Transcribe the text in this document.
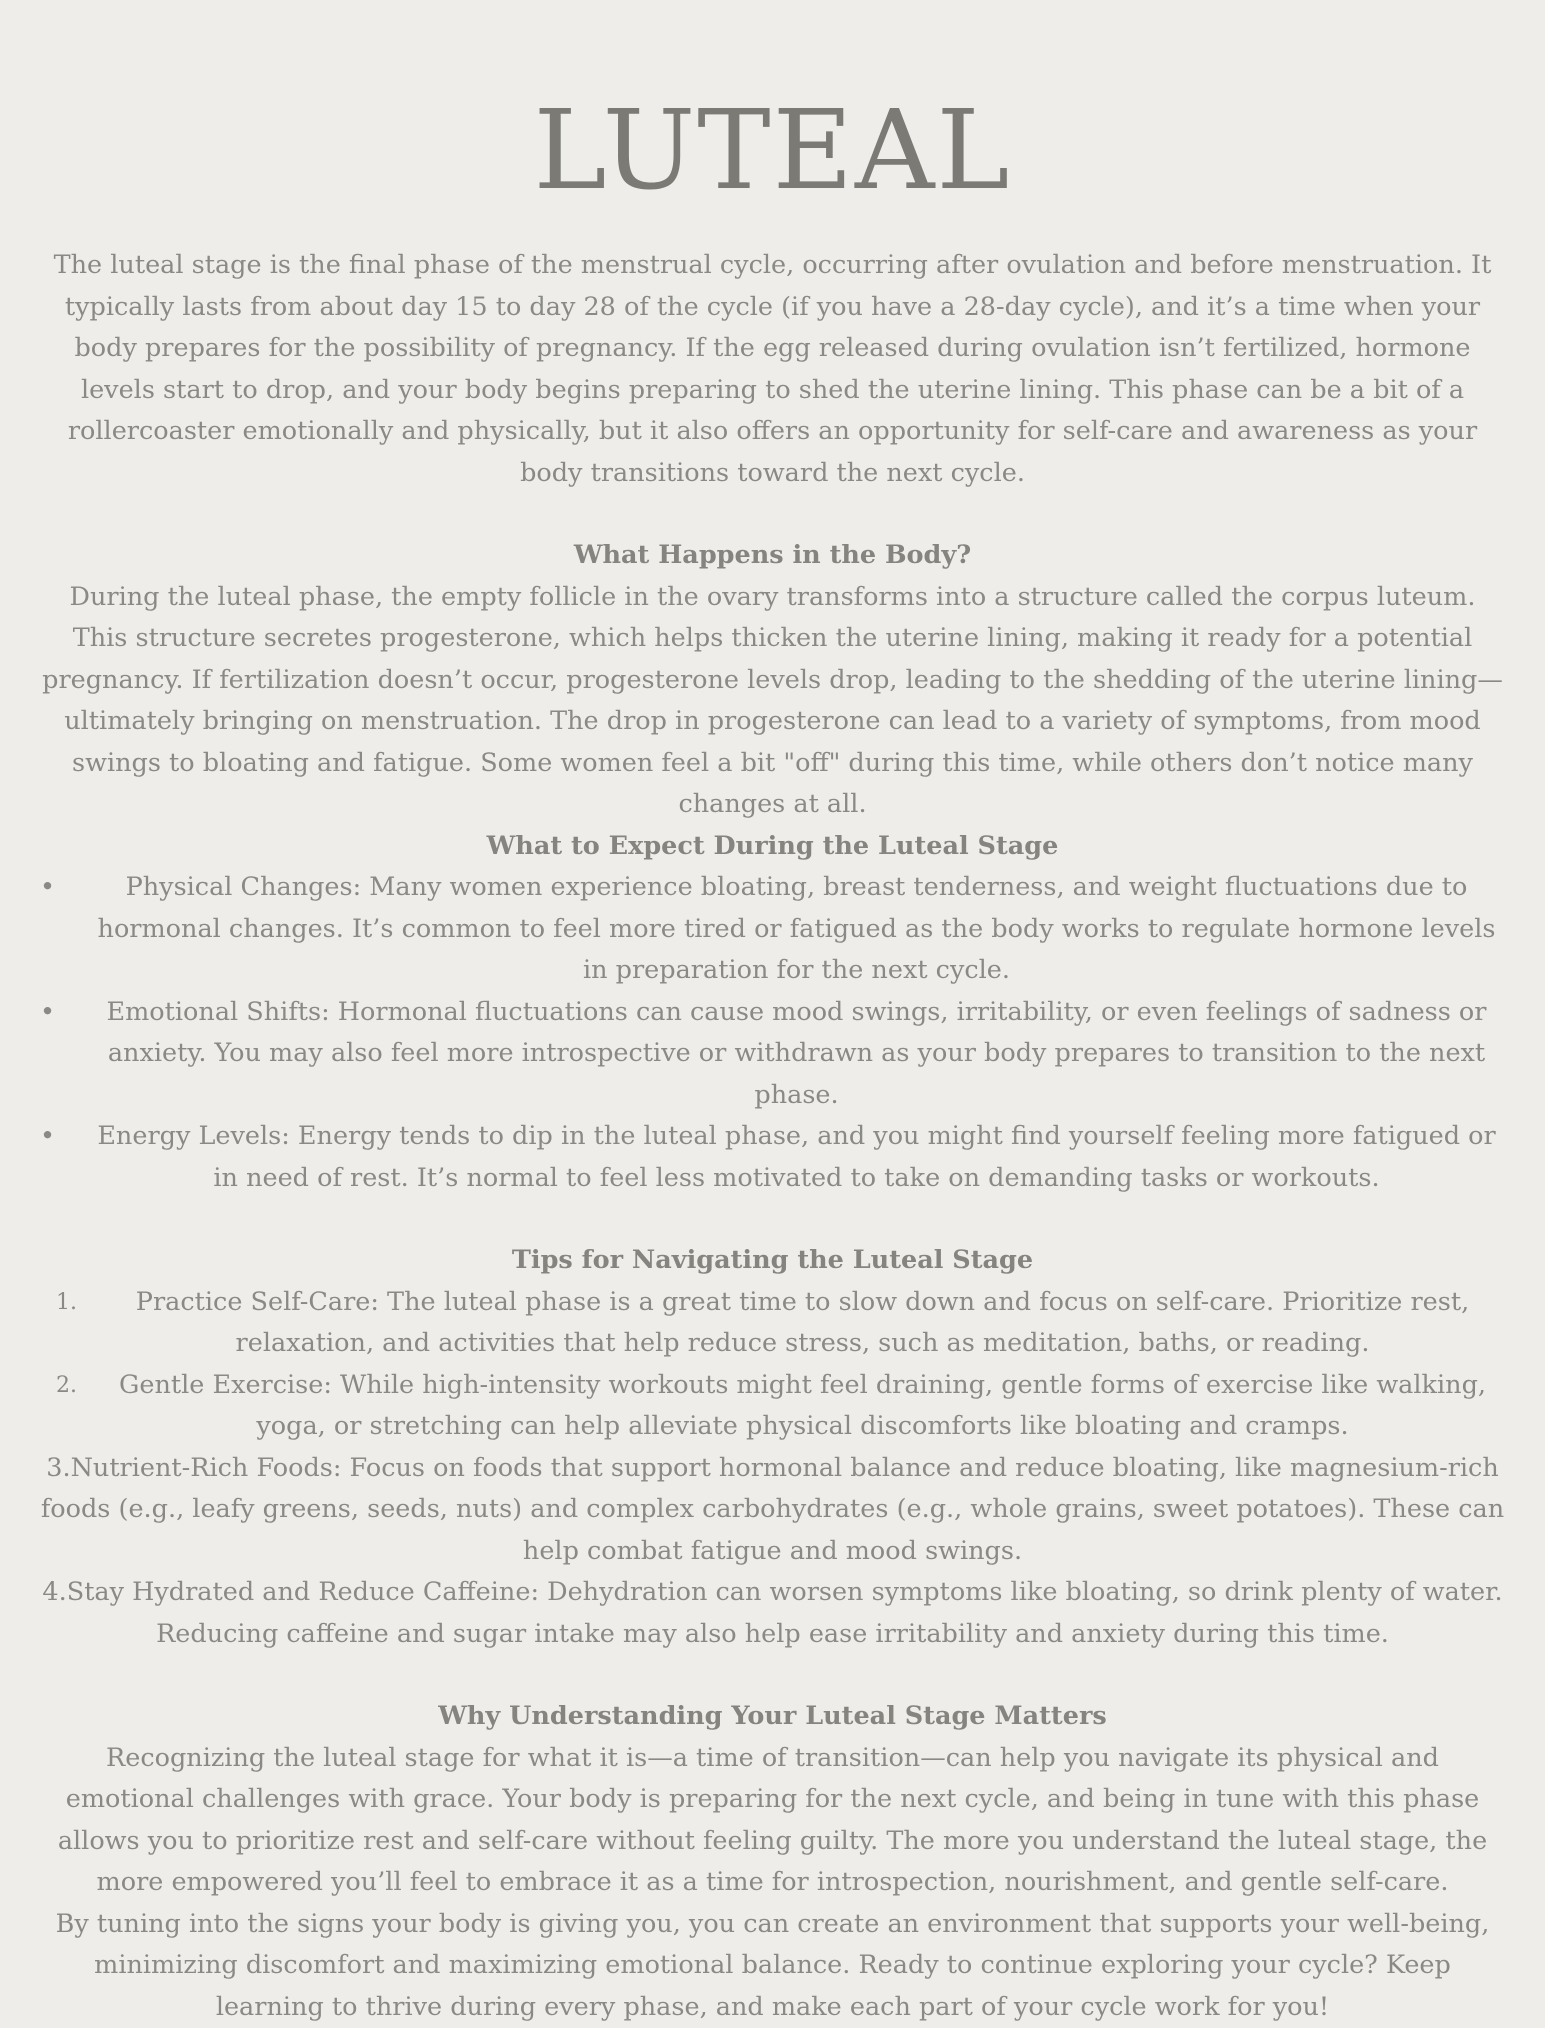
LUTEAL

The luteal stage is the final phase of the menstrual cycle, occurring after ovulation and before menstruation. It typically lasts from about day 15 to day 28 of the cycle (if you have a 28-day cycle), and it’s a time when your body prepares for the possibility of pregnancy. If the egg released during ovulation isn’t fertilized, hormone levels start to drop, and your body begins preparing to shed the uterine lining. This phase can be a bit of a rollercoaster emotionally and physically, but it also offers an opportunity for self-care and awareness as your body transitions toward the next cycle.

What Happens in the Body?

During the luteal phase, the empty follicle in the ovary transforms into a structure called the corpus luteum. This structure secretes progesterone, which helps thicken the uterine lining, making it ready for a potential pregnancy. If fertilization doesn’t occur, progesterone levels drop, leading to the shedding of the uterine lining—ultimately bringing on menstruation. The drop in progesterone can lead to a variety of symptoms, from mood swings to bloating and fatigue. Some women feel a bit "off" during this time, while others don’t notice many changes at all.

What to Expect During the Luteal Stage
•	Physical Changes: Many women experience bloating, breast tenderness, and weight fluctuations due to hormonal changes. It’s common to feel more tired or fatigued as the body works to regulate hormone levels in preparation for the next cycle.
• Emotional Shifts: Hormonal fluctuations can cause mood swings, irritability, or even feelings of sadness or anxiety. You may also feel more introspective or withdrawn as your body prepares to transition to the next phase.
• Energy Levels: Energy tends to dip in the luteal phase, and you might find yourself feeling more fatigued or in need of rest. It’s normal to feel less motivated to take on demanding tasks or workouts.
Tips for Navigating the Luteal Stage
1. Practice Self-Care: The luteal phase is a great time to slow down and focus on self-care. Prioritize rest, relaxation, and activities that help reduce stress, such as meditation, baths, or reading.
2. Gentle Exercise: While high-intensity workouts might feel draining, gentle forms of exercise like walking, yoga, or stretching can help alleviate physical discomforts like bloating and cramps.
3.Nutrient-Rich Foods: Focus on foods that support hormonal balance and reduce bloating, like magnesium-rich foods (e.g., leafy greens, seeds, nuts) and complex carbohydrates (e.g., whole grains, sweet potatoes). These can help combat fatigue and mood swings.
4.Stay Hydrated and Reduce Caffeine: Dehydration can worsen symptoms like bloating, so drink plenty of water. Reducing caffeine and sugar intake may also help ease irritability and anxiety during this time.
Why Understanding Your Luteal Stage Matters

Recognizing the luteal stage for what it is—a time of transition—can help you navigate its physical and emotional challenges with grace. Your body is preparing for the next cycle, and being in tune with this phase allows you to prioritize rest and self-care without feeling guilty. The more you understand the luteal stage, the more empowered you’ll feel to embrace it as a time for introspection, nourishment, and gentle self-care.

By tuning into the signs your body is giving you, you can create an environment that supports your well-being, minimizing discomfort and maximizing emotional balance. Ready to continue exploring your cycle? Keep learning to thrive during every phase, and make each part of your cycle work for you!
